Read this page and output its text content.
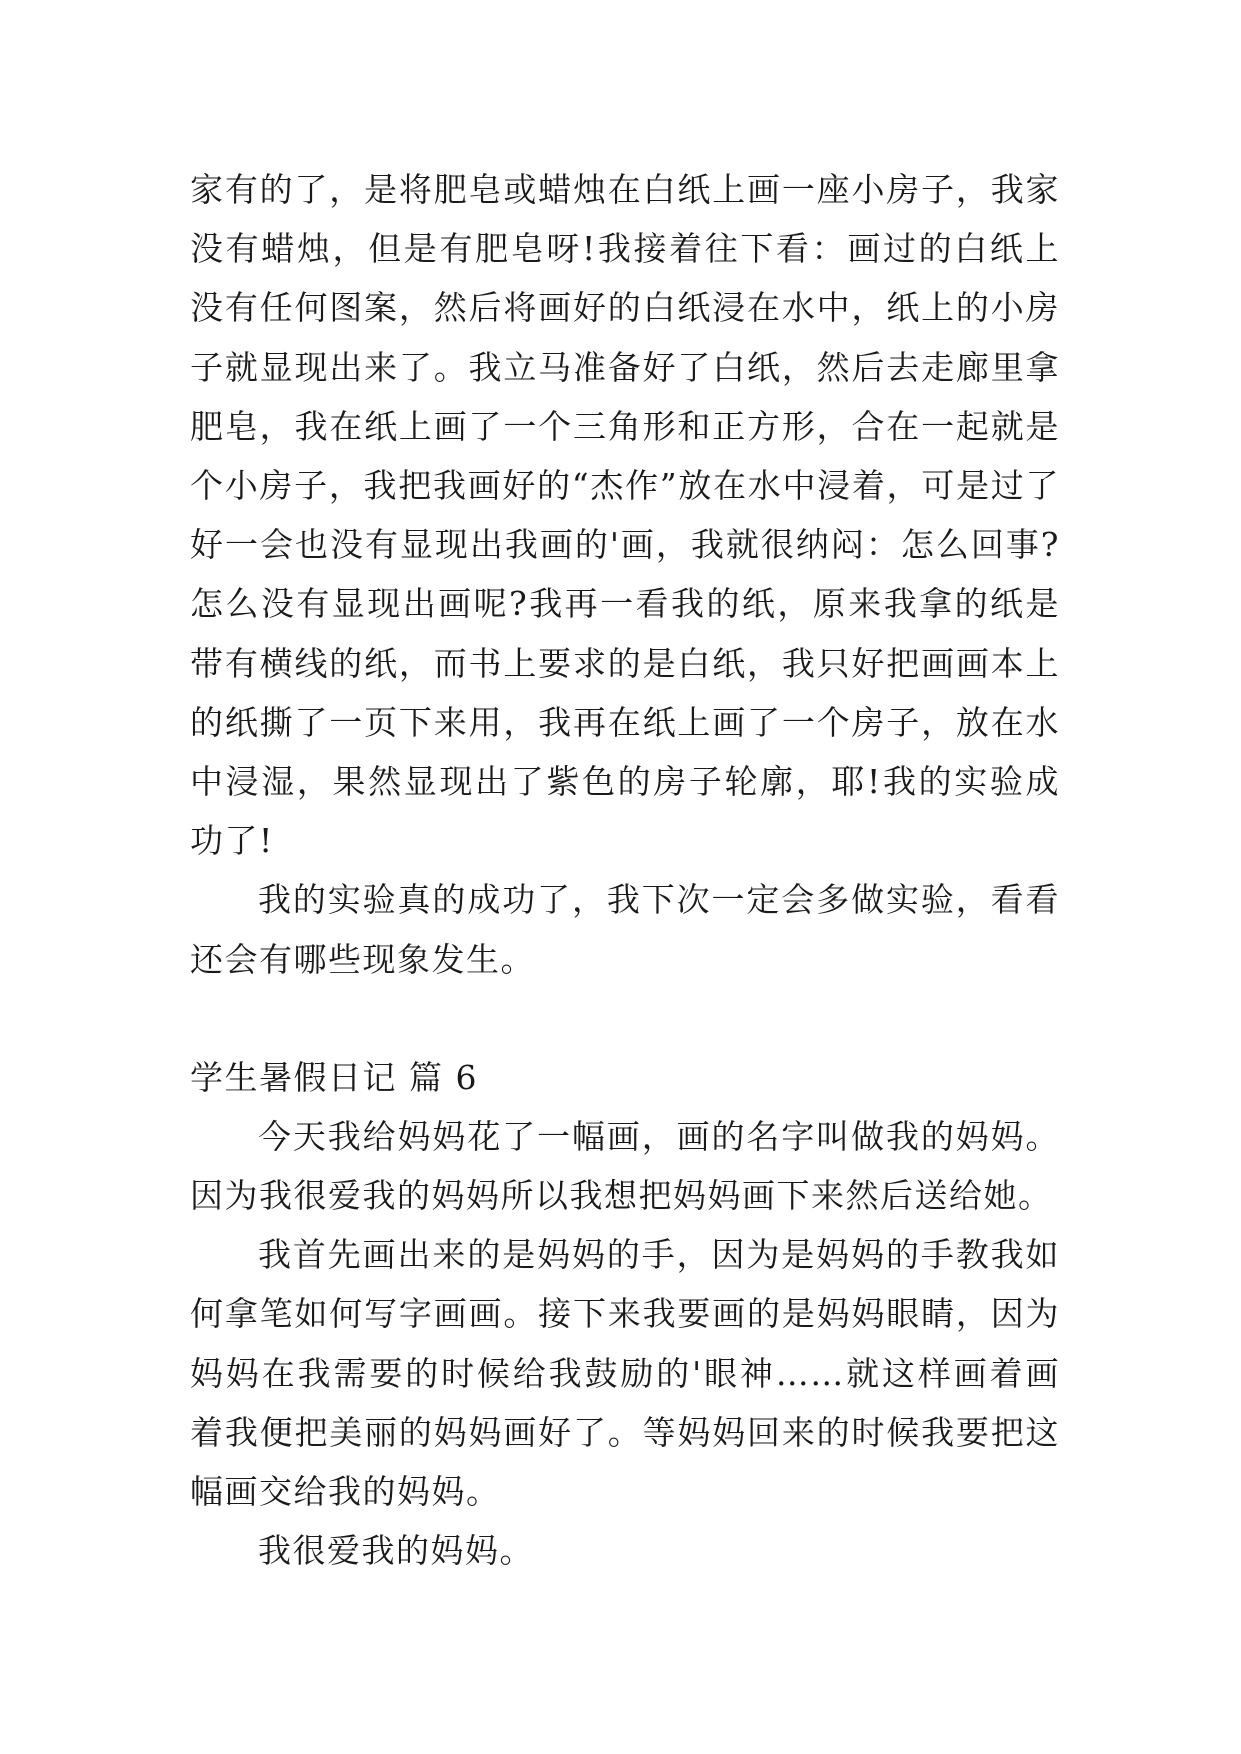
家有的了，是将肥皂或蜡烛在白纸上画一座小房子，我家没有蜡烛，但是有肥皂呀!我接着往下看：画过的白纸上没有任何图案，然后将画好的白纸浸在水中，纸上的小房子就显现出来了。我立马准备好了白纸，然后去走廊里拿肥皂，我在纸上画了一个三角形和正方形，合在一起就是个小房子，我把我画好的“杰作”放在水中浸着，可是过了好一会也没有显现出我画的'画，我就很纳闷：怎么回事?怎么没有显现出画呢?我再一看我的纸，原来我拿的纸是带有横线的纸，而书上要求的是白纸，我只好把画画本上的纸撕了一页下来用，我再在纸上画了一个房子，放在水中浸湿，果然显现出了紫色的房子轮廓，耶!我的实验成功了!

我的实验真的成功了，我下次一定会多做实验，看看还会有哪些现象发生。

学生暑假日记 篇 6

今天我给妈妈花了一幅画，画的名字叫做我的妈妈。因为我很爱我的妈妈所以我想把妈妈画下来然后送给她。

我首先画出来的是妈妈的手，因为是妈妈的手教我如何拿笔如何写字画画。接下来我要画的是妈妈眼睛，因为妈妈在我需要的时候给我鼓励的'眼神……就这样画着画着我便把美丽的妈妈画好了。等妈妈回来的时候我要把这幅画交给我的妈妈。

我很爱我的妈妈。
